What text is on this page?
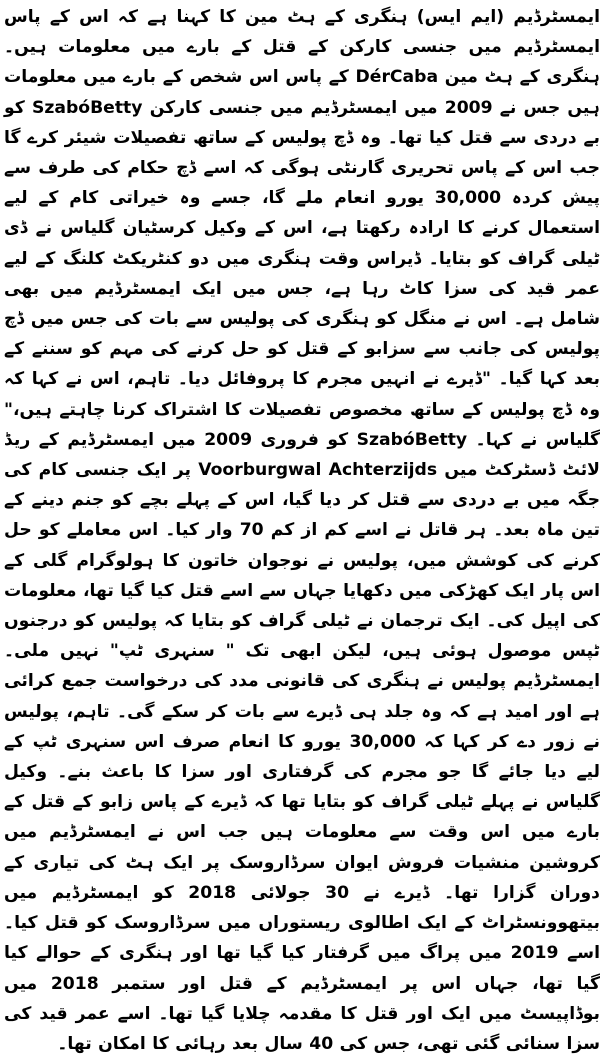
ایمسٹرڈیم (ایم ایس) ہنگری کے ہٹ مین کا کہنا ہے کہ اس کے پاس ایمسٹرڈیم میں جنسی کارکن کے قتل کے بارے میں معلومات ہیں۔ ہنگری کے ہٹ مین DérCaba کے پاس اس شخص کے بارے میں معلومات ہیں جس نے 2009 میں ایمسٹرڈیم میں جنسی کارکن SzabóBetty کو بے دردی سے قتل کیا تھا۔ وہ ڈچ پولیس کے ساتھ تفصیلات شیئر کرے گا جب اس کے پاس تحریری گارنٹی ہوگی کہ اسے ڈچ حکام کی طرف سے پیش کردہ 30,000 یورو انعام ملے گا، جسے وہ خیراتی کام کے لیے استعمال کرنے کا ارادہ رکھتا ہے، اس کے وکیل کرسٹیان گلیاس نے ڈی ٹیلی گراف کو بتایا۔ ڈیراس وقت ہنگری میں دو کنٹریکٹ کلنگ کے لیے عمر قید کی سزا کاٹ رہا ہے، جس میں ایک ایمسٹرڈیم میں بھی شامل ہے۔ اس نے منگل کو ہنگری کی پولیس سے بات کی جس میں ڈچ پولیس کی جانب سے سزابو کے قتل کو حل کرنے کی مہم کو سننے کے بعد کہا گیا۔ "ڈیرے نے انہیں مجرم کا پروفائل دیا۔ تاہم، اس نے کہا کہ وہ ڈچ پولیس کے ساتھ مخصوص تفصیلات کا اشتراک کرنا چاہتے ہیں،" گلیاس نے کہا۔ SzabóBetty کو فروری 2009 میں ایمسٹرڈیم کے ریڈ لائٹ ڈسٹرکٹ میں Voorburgwal Achterzijds پر ایک جنسی کام کی جگہ میں بے دردی سے قتل کر دیا گیا، اس کے پہلے بچے کو جنم دینے کے تین ماہ بعد۔ ہر قاتل نے اسے کم از کم 70 وار کیا۔ اس معاملے کو حل کرنے کی کوشش میں، پولیس نے نوجوان خاتون کا ہولوگرام گلی کے اس پار ایک کھڑکی میں دکھایا جہاں سے اسے قتل کیا گیا تھا، معلومات کی اپیل کی۔ ایک ترجمان نے ٹیلی گراف کو بتایا کہ پولیس کو درجنوں ٹپس موصول ہوئی ہیں، لیکن ابھی تک " سنہری ٹپ" نہیں ملی۔ ایمسٹرڈیم پولیس نے ہنگری کی قانونی مدد کی درخواست جمع کرائی ہے اور امید ہے کہ وہ جلد ہی ڈیرے سے بات کر سکے گی۔ تاہم، پولیس نے زور دے کر کہا کہ 30,000 یورو کا انعام صرف اس سنہری ٹپ کے لیے دیا جائے گا جو مجرم کی گرفتاری اور سزا کا باعث بنے۔ وکیل گلیاس نے پہلے ٹیلی گراف کو بتایا تھا کہ ڈیرے کے پاس زابو کے قتل کے بارے میں اس وقت سے معلومات ہیں جب اس نے ایمسٹرڈیم میں کروشین منشیات فروش ایوان سرڈاروسک پر ایک ہٹ کی تیاری کے دوران گزارا تھا۔ ڈیرے نے 30 جولائی 2018 کو ایمسٹرڈیم میں بیتھوونسٹراٹ کے ایک اطالوی ریستوراں میں سرڈاروسک کو قتل کیا۔ اسے 2019 میں پراگ میں گرفتار کیا گیا تھا اور ہنگری کے حوالے کیا گیا تھا، جہاں اس پر ایمسٹرڈیم کے قتل اور ستمبر 2018 میں بوڈاپیسٹ میں ایک اور قتل کا مقدمہ چلایا گیا تھا۔ اسے عمر قید کی سزا سنائی گئی تھی، جس کی 40 سال بعد رہائی کا امکان تھا۔
